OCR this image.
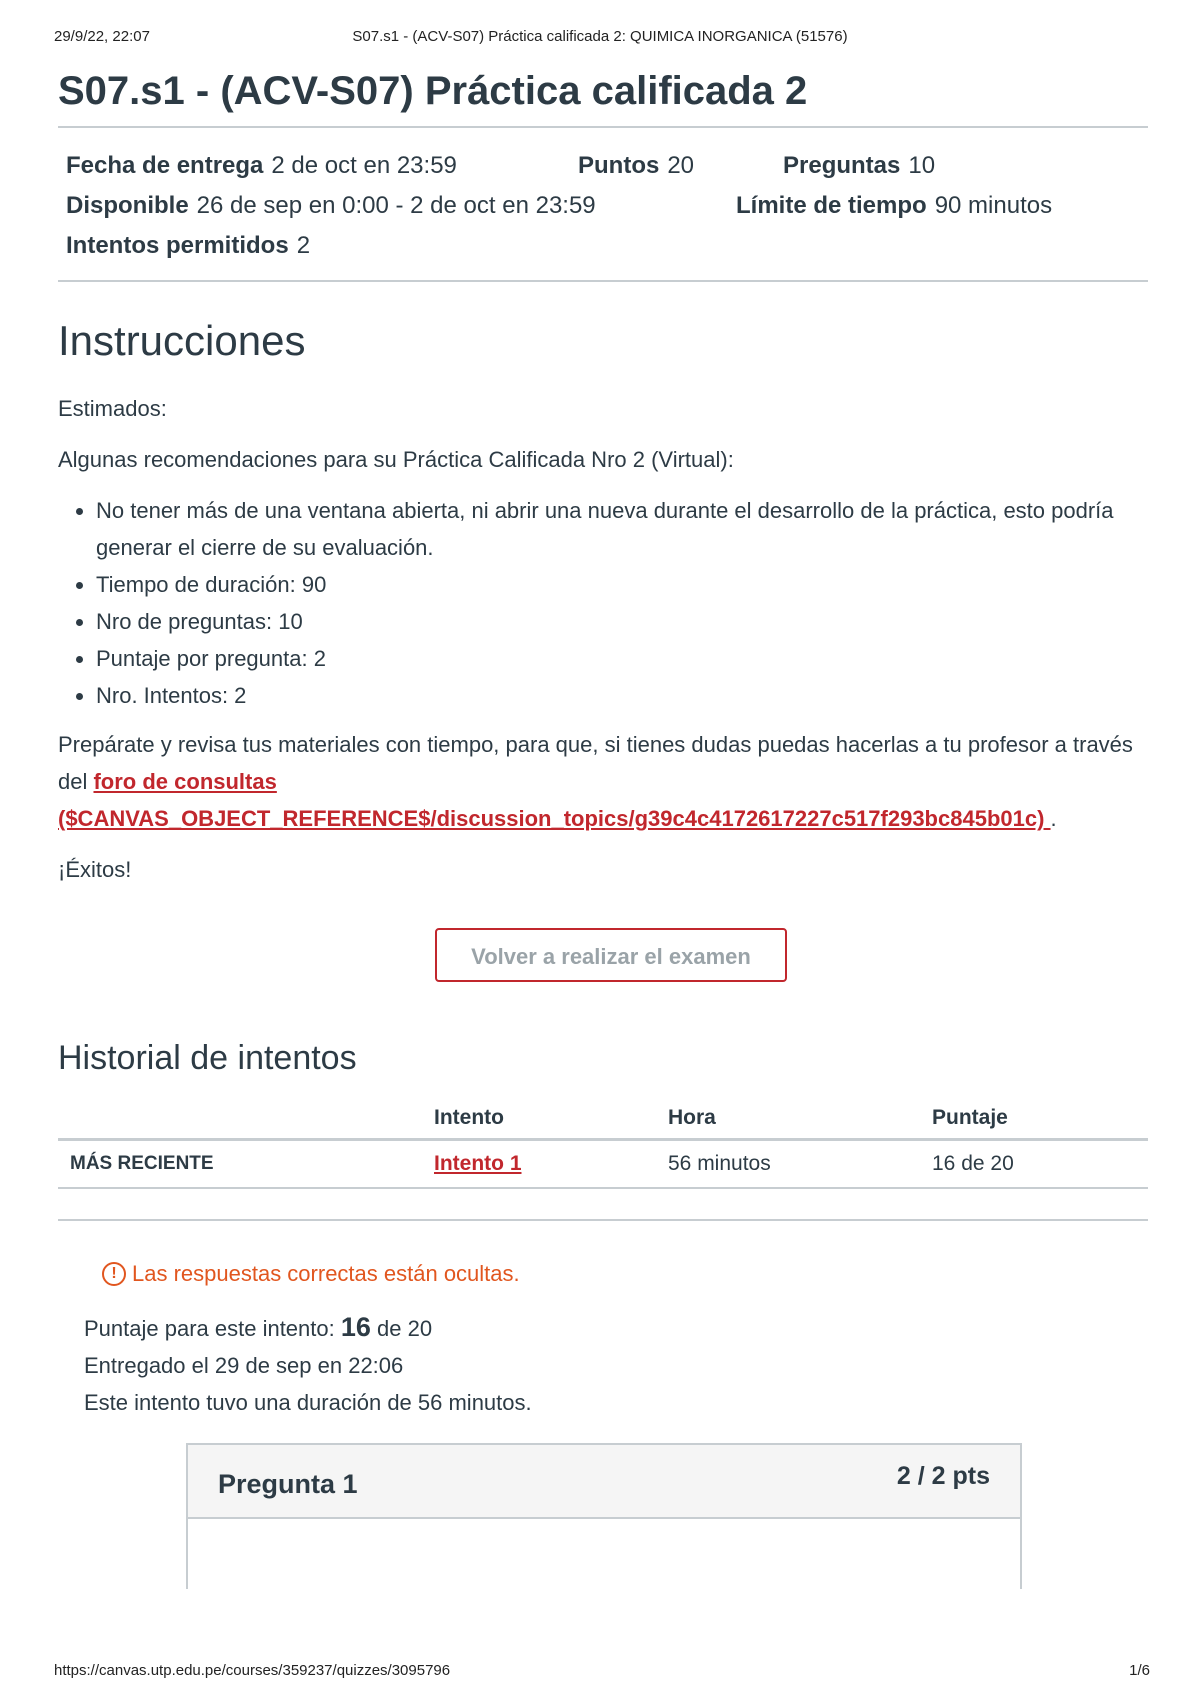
29/9/22, 22:07	S07.s1 - (ACV-S07) Práctica calificada 2: QUIMICA INORGANICA (51576)
S07.s1 - (ACV-S07) Práctica calificada 2
Fecha de entrega 2 de oct en 23:59	Puntos 20	Preguntas 10
Disponible 26 de sep en 0:00 - 2 de oct en 23:59	Límite de tiempo 90 minutos
Intentos permitidos 2
Instrucciones

Estimados:

Algunas recomendaciones para su Práctica Calificada Nro 2 (Virtual):

• No tener más de una ventana abierta, ni abrir una nueva durante el desarrollo de la práctica, esto podría generar el cierre de su evaluación.
• Tiempo de duración: 90
• Nro de preguntas: 10
• Puntaje por pregunta: 2
• Nro. Intentos: 2

Prepárate y revisa tus materiales con tiempo, para que, si tienes dudas puedas hacerlas a tu profesor a través del foro de consultas ($CANVAS_OBJECT_REFERENCE$/discussion_topics/g39c4c4172617227c517f293bc845b01c) .

¡Éxitos!

Volver a realizar el examen
Historial de intentos
	Intento	Hora	Puntaje
MÁS RECIENTE	Intento 1	56 minutos	16 de 20
! Las respuestas correctas están ocultas.
Puntaje para este intento: 16 de 20
Entregado el 29 de sep en 22:06
Este intento tuvo una duración de 56 minutos.
Pregunta 1	2 / 2 pts
https://canvas.utp.edu.pe/courses/359237/quizzes/3095796	1/6
